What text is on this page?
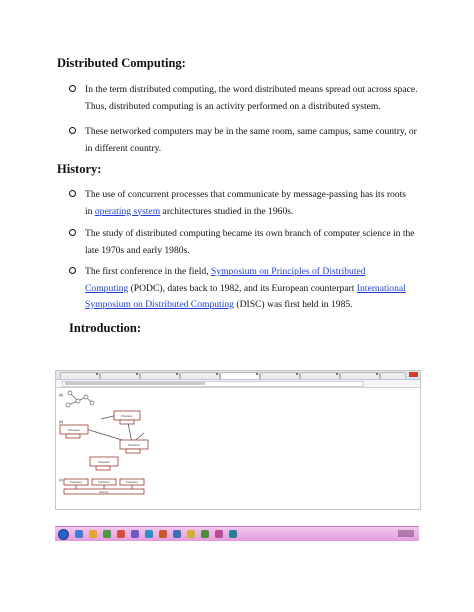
Distributed Computing:
In the term distributed computing, the word distributed means spread out across space.
Thus, distributed computing is an activity performed on a distributed system.
These networked computers may be in the same room, same campus, same country, or
in different country.
History:
The use of concurrent processes that communicate by message-passing has its roots
in operating system architectures studied in the 1960s.
The study of distributed computing became its own branch of computer science in the
late 1970s and early 1980s.
The first conference in the field, Symposium on Principles of Distributed
Computing (PODC), dates back to 1982, and its European counterpart International
Symposium on Distributed Computing (DISC) was first held in 1985.
Introduction:
(a)
(b)
(c)
Processor
Processor
Processor
Processor
Processor	Processor	Processor
Memory
